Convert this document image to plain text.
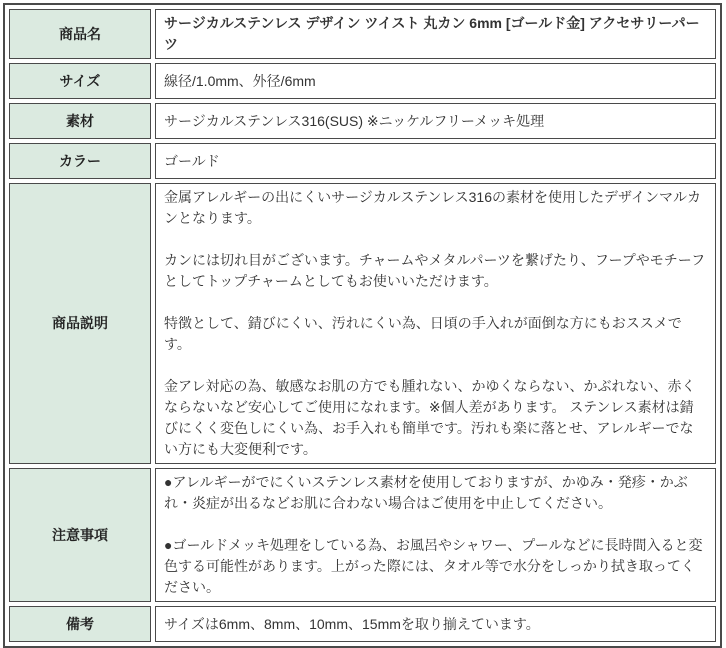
商品名	サージカルステンレス デザイン ツイスト 丸カン 6mm [ゴールド金] アクセサリーパーツ
サイズ	線径/1.0mm、外径/6mm
素材	サージカルステンレス316(SUS) ※ニッケルフリーメッキ処理
カラー	ゴールド
商品説明	金属アレルギーの出にくいサージカルステンレス316の素材を使用したデザインマルカンとなります。

カンには切れ目がございます。チャームやメタルパーツを繋げたり、フープやモチーフとしてトップチャームとしてもお使いいただけます。

特徴として、錆びにくい、汚れにくい為、日頃の手入れが面倒な方にもおススメです。

金アレ対応の為、敏感なお肌の方でも腫れない、かゆくならない、かぶれない、赤くならないなど安心してご使用になれます。※個人差があります。 ステンレス素材は錆びにくく変色しにくい為、お手入れも簡単です。汚れも楽に落とせ、アレルギーでない方にも大変便利です。

注意事項	●アレルギーがでにくいステンレス素材を使用しておりますが、かゆみ・発疹・かぶれ・炎症が出るなどお肌に合わない場合はご使用を中止してください。

●ゴールドメッキ処理をしている為、お風呂やシャワー、プールなどに長時間入ると変色する可能性があります。上がった際には、タオル等で水分をしっかり拭き取ってください。

備考	サイズは6mm、8mm、10mm、15mmを取り揃えています。
